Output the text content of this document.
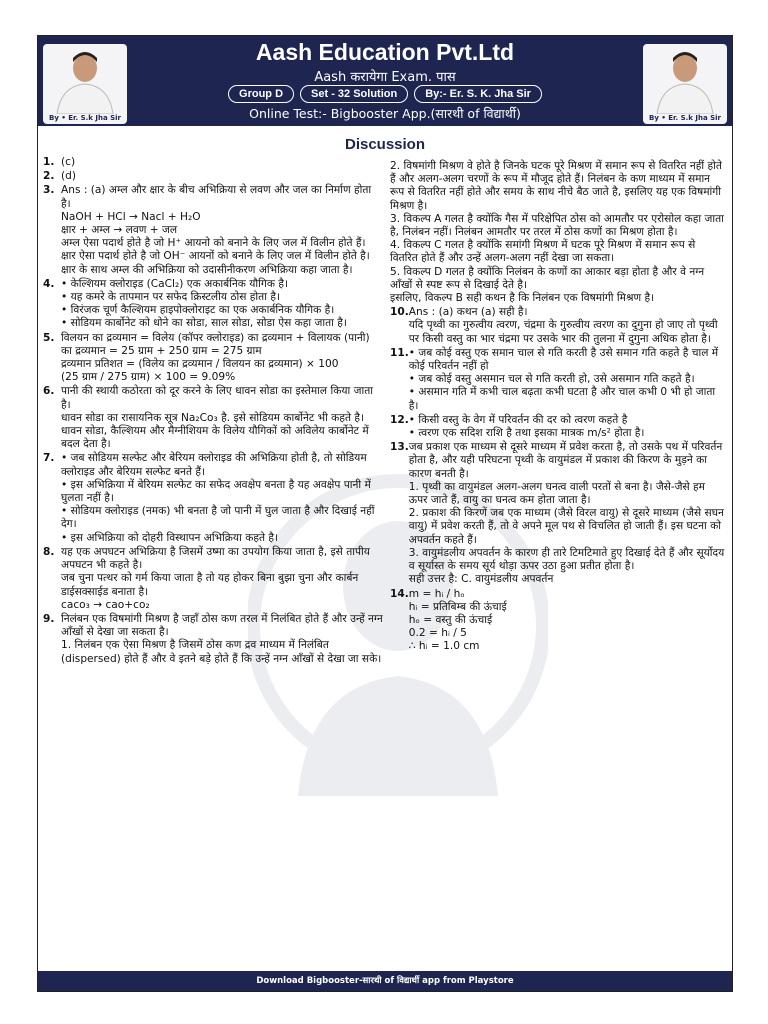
By • Er. S.k Jha Sir
Aash Education Pvt.Ltd
Aash करायेगा Exam. पास
Group D	Set - 32 Solution	By:- Er. S. K. Jha Sir
Online Test:- Bigbooster App.(सारथी of विद्यार्थी)	By • Er. S.k Jha Sir
Discussion
1. (c)

2. (d)

3. Ans : (a) अम्ल और क्षार के बीच अभिक्रिया से लवण और जल का निर्माण होता है।

NaOH + HCl → Nacl + H₂O

क्षार + अम्ल → लवण + जल

अम्ल ऐसा पदार्थ होते है जो H⁺ आयनो को बनाने के लिए जल में विलीन होते हैं।

क्षार ऐसा पदार्थ होते है जो OH⁻ आयनों को बनाने के लिए जल में विलीन होते है।

क्षार के साथ अम्ल की अभिक्रिया को उदासीनीकरण अभिक्रिया कहा जाता है।

4. • केल्शियम क्लोराइड (CaCl₂) एक अकार्बनिक यौगिक है।

• यह कमरे के तापमान पर सफेद क्रिस्टलीय ठोस होता है।

• विरंजक चूर्ण कैल्शियम हाइपोक्लोराइट का एक अकार्बनिक यौगिक है।

• सोडियम कार्बोनेट को धोने का सोडा, साल सोडा, सोडा ऐस कहा जाता है।

5. विलयन का द्रव्यमान = विलेय (कॉपर क्लोराइड) का द्रव्यमान + विलायक (पानी) का द्रव्यमान = 25 ग्राम + 250 ग्राम = 275 ग्राम

द्रव्यमान प्रतिशत = (विलेय का द्रव्यमान / विलयन का द्रव्यमान) × 100

(25 ग्राम / 275 ग्राम) × 100 = 9.09%

6. पानी की स्थायी कठोरता को दूर करने के लिए धावन सोडा का इस्तेमाल किया जाता है।

धावन सोडा का रासायनिक सूत्र Na₂Co₃ है. इसे सोडियम कार्बोनेट भी कहते है।

धावन सोडा, कैल्शियम और मैग्नीशियम के विलेय यौगिकों को अविलेय कार्बोनेट में बदल देता है।

7. • जब सोडियम सल्फेट और बेरियम क्लोराइड की अभिक्रिया होती है, तो सोडियम क्लोराइड और बेरियम सल्फेट बनते हैं।

• इस अभिक्रिया में बेरियम सल्फेट का सफेद अवक्षेप बनता है यह अवक्षेप पानी में घुलता नहीं है।

• सोडियम क्लोराइड (नमक) भी बनता है जो पानी में घुल जाता है और दिखाई नहीं देग।

• इस अभिक्रिया को दोहरी विस्थापन अभिक्रिया कहते है।

8. यह एक अपघटन अभिक्रिया है जिसमें उष्मा का उपयोग किया जाता है, इसे तापीय अपघटन भी कहते है।

जब चुना पत्थर को गर्म किया जाता है तो यह होकर बिना बुझा चुना और कार्बन डाईसक्साईड बनाता है।

caco₃ → cao+co₂

9. निलंबन एक विषमांगी मिश्रण है जहाँ ठोस कण तरल में निलंबित होते हैं और उन्हें नग्न आँखों से देखा जा सकता है।

1. निलंबन एक ऐसा मिश्रण है जिसमें ठोस कण द्रव माध्यम में निलंबित (dispersed) होते हैं और वे इतने बड़े होते हैं कि उन्हें नग्न आँखों से देखा जा सके।

2. विषमांगी मिश्रण वे होते है जिनके घटक पूरे मिश्रण में समान रूप से वितरित नहीं होते हैं और अलग-अलग चरणों के रूप में मौजूद होते हैं। निलंबन के कण माध्यम में समान रूप से वितरित नहीं होते और समय के साथ नीचे बैठ जाते है, इसलिए यह एक विषमांगी मिश्रण है।

3. विकल्प A गलत है क्योंकि गैस में परिक्षेपित ठोस को आमतौर पर एरोसोल कहा जाता है, निलंबन नहीं। निलंबन आमतौर पर तरल में ठोस कणों का मिश्रण होता है।

4. विकल्प C गलत है क्योंकि समांगी मिश्रण में घटक पूरे मिश्रण में समान रूप से वितरित होते हैं और उन्हें अलग-अलग नहीं देखा जा सकता।

5. विकल्प D गलत है क्योंकि निलंबन के कणों का आकार बड़ा होता है और वे नग्न आँखों से स्पष्ट रूप से दिखाई देते है।

इसलिए, विकल्प B सही कथन है कि निलंबन एक विषमांगी मिश्रण है।

10. Ans : (a) कथन (a) सही है।

यदि पृथ्वी का गुरुत्वीय त्वरण, चंद्रमा के गुरुत्वीय त्वरण का दुगुना हो जाए तो पृथ्वी पर किसी वस्तु का भार चंद्रमा पर उसके भार की तुलना में दुगुना अधिक होता है।

11. • जब कोई वस्तु एक समान चाल से गति करती है उसे समान गति कहते है चाल में कोई परिवर्तन नहीं हो

• जब कोई वस्तु असमान चल से गति करती हो, उसे असमान गति कहते है।

• असमान गति में कभी चाल बढ़ता कभी घटता है और चाल कभी 0 भी हो जाता है।

12. • किसी वस्तु के वेग में परिवर्तन की दर को त्वरण कहते है

• त्वरण एक सदिश राशि है तथा इसका मात्रक m/s² होता है।

13. जब प्रकाश एक माध्यम से दूसरे माध्यम में प्रवेश करता है, तो उसके पथ में परिवर्तन होता है, और यही परिघटना पृथ्वी के वायुमंडल में प्रकाश की किरण के मुड़ने का कारण बनती है।

1. पृथ्वी का वायुमंडल अलग-अलग घनत्व वाली परतों से बना है। जैसे-जैसे हम ऊपर जाते हैं, वायु का घनत्व कम होता जाता है।

2. प्रकाश की किरणें जब एक माध्यम (जैसे विरल वायु) से दूसरे माध्यम (जैसे सघन वायु) में प्रवेश करती हैं, तो वे अपने मूल पथ से विचलित हो जाती हैं। इस घटना को अपवर्तन कहते हैं।

3. वायुमंडलीय अपवर्तन के कारण ही तारे टिमटिमाते हुए दिखाई देते हैं और सूर्योदय व सूर्यास्त के समय सूर्य थोड़ा ऊपर उठा हुआ प्रतीत होता है।

सही उत्तर है: C. वायुमंडलीय अपवर्तन

14. m = hᵢ / hₒ

hᵢ = प्रतिबिम्ब की ऊंचाई

hₒ = वस्तु की ऊंचाई

0.2 = hᵢ / 5

∴ hᵢ = 1.0 cm

Download Bigbooster-सारथी of विद्यार्थी app from Playstore
